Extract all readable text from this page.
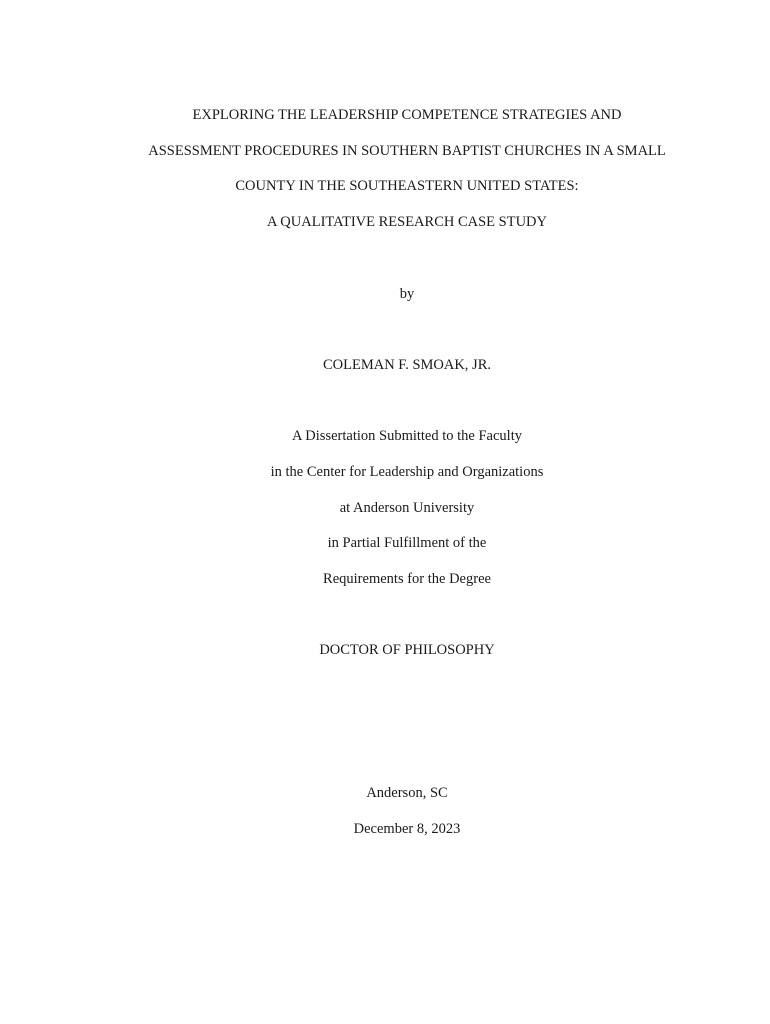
EXPLORING THE LEADERSHIP COMPETENCE STRATEGIES AND
ASSESSMENT PROCEDURES IN SOUTHERN BAPTIST CHURCHES IN A SMALL
COUNTY IN THE SOUTHEASTERN UNITED STATES:
A QUALITATIVE RESEARCH CASE STUDY
by
COLEMAN F. SMOAK, JR.
A Dissertation Submitted to the Faculty
in the Center for Leadership and Organizations
at Anderson University
in Partial Fulfillment of the
Requirements for the Degree
DOCTOR OF PHILOSOPHY
Anderson, SC
December 8, 2023
